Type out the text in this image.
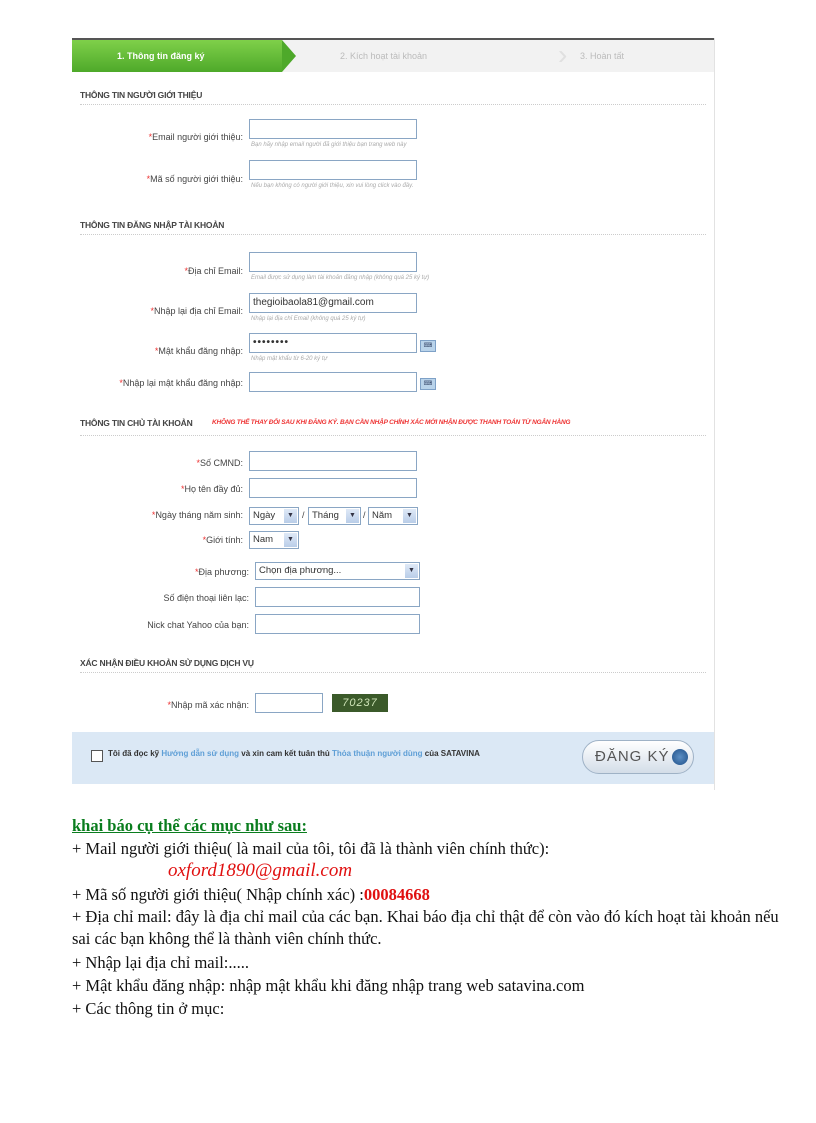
1. Thông tin đăng ký	›
2. Kích hoạt tài khoản	3. Hoàn tất
THÔNG TIN NGƯỜI GIỚI THIỆU
*Email người giới thiệu:
Bạn hãy nhập email người đã giới thiệu bạn trang web này
*Mã số người giới thiệu:
Nếu bạn không có người giới thiệu, xin vui lòng click vào đây.
THÔNG TIN ĐĂNG NHẬP TÀI KHOẢN
*Địa chỉ Email:
Email được sử dụng làm tài khoản đăng nhập (không quá 25 ký tự)
*Nhập lại địa chỉ Email:
thegioibaola81@gmail.com
Nhập lại địa chỉ Email (không quá 25 ký tự)
*Mật khẩu đăng nhập:
••••••••	⌨
Nhập mật khẩu từ 6-20 ký tự
*Nhập lại mật khẩu đăng nhập:	⌨
THÔNG TIN CHỦ TÀI KHOẢN	KHÔNG THỂ THAY ĐỔI SAU KHI ĐĂNG KÝ. BẠN CẦN NHẬP CHÍNH XÁC MỚI NHẬN ĐƯỢC THANH TOÁN TỪ NGÂN HÀNG
*Số CMND:
*Họ tên đầy đủ:
*Ngày tháng năm sinh:	Ngày	▼ / Tháng	▼ / Năm	▼
*Giới tính:	Nam	▼
*Địa phương:	Chọn địa phương...	▼
Số điện thoại liên lạc:
Nick chat Yahoo của bạn:
XÁC NHẬN ĐIỀU KHOẢN SỬ DỤNG DỊCH VỤ
*Nhập mã xác nhận:	70237
Tôi đã đọc kỹ Hướng dẫn sử dụng và xin cam kết tuân thủ Thỏa thuận người dùng của SATAVINA	ĐĂNG KÝ
khai báo cụ thể các mục như sau:
+ Mail người giới thiệu( là mail của tôi, tôi đã là thành viên chính thức):
oxford1890@gmail.com
+ Mã số người giới thiệu( Nhập chính xác) :00084668
+ Địa chỉ mail: đây là địa chỉ mail của các bạn. Khai báo địa chỉ thật để còn vào đó kích hoạt tài khoản nếu sai các bạn không thể là thành viên chính thức.
+ Nhập lại địa chỉ mail:.....
+ Mật khẩu đăng nhập: nhập mật khẩu khi đăng nhập trang web satavina.com
+ Các thông tin ở mục:
